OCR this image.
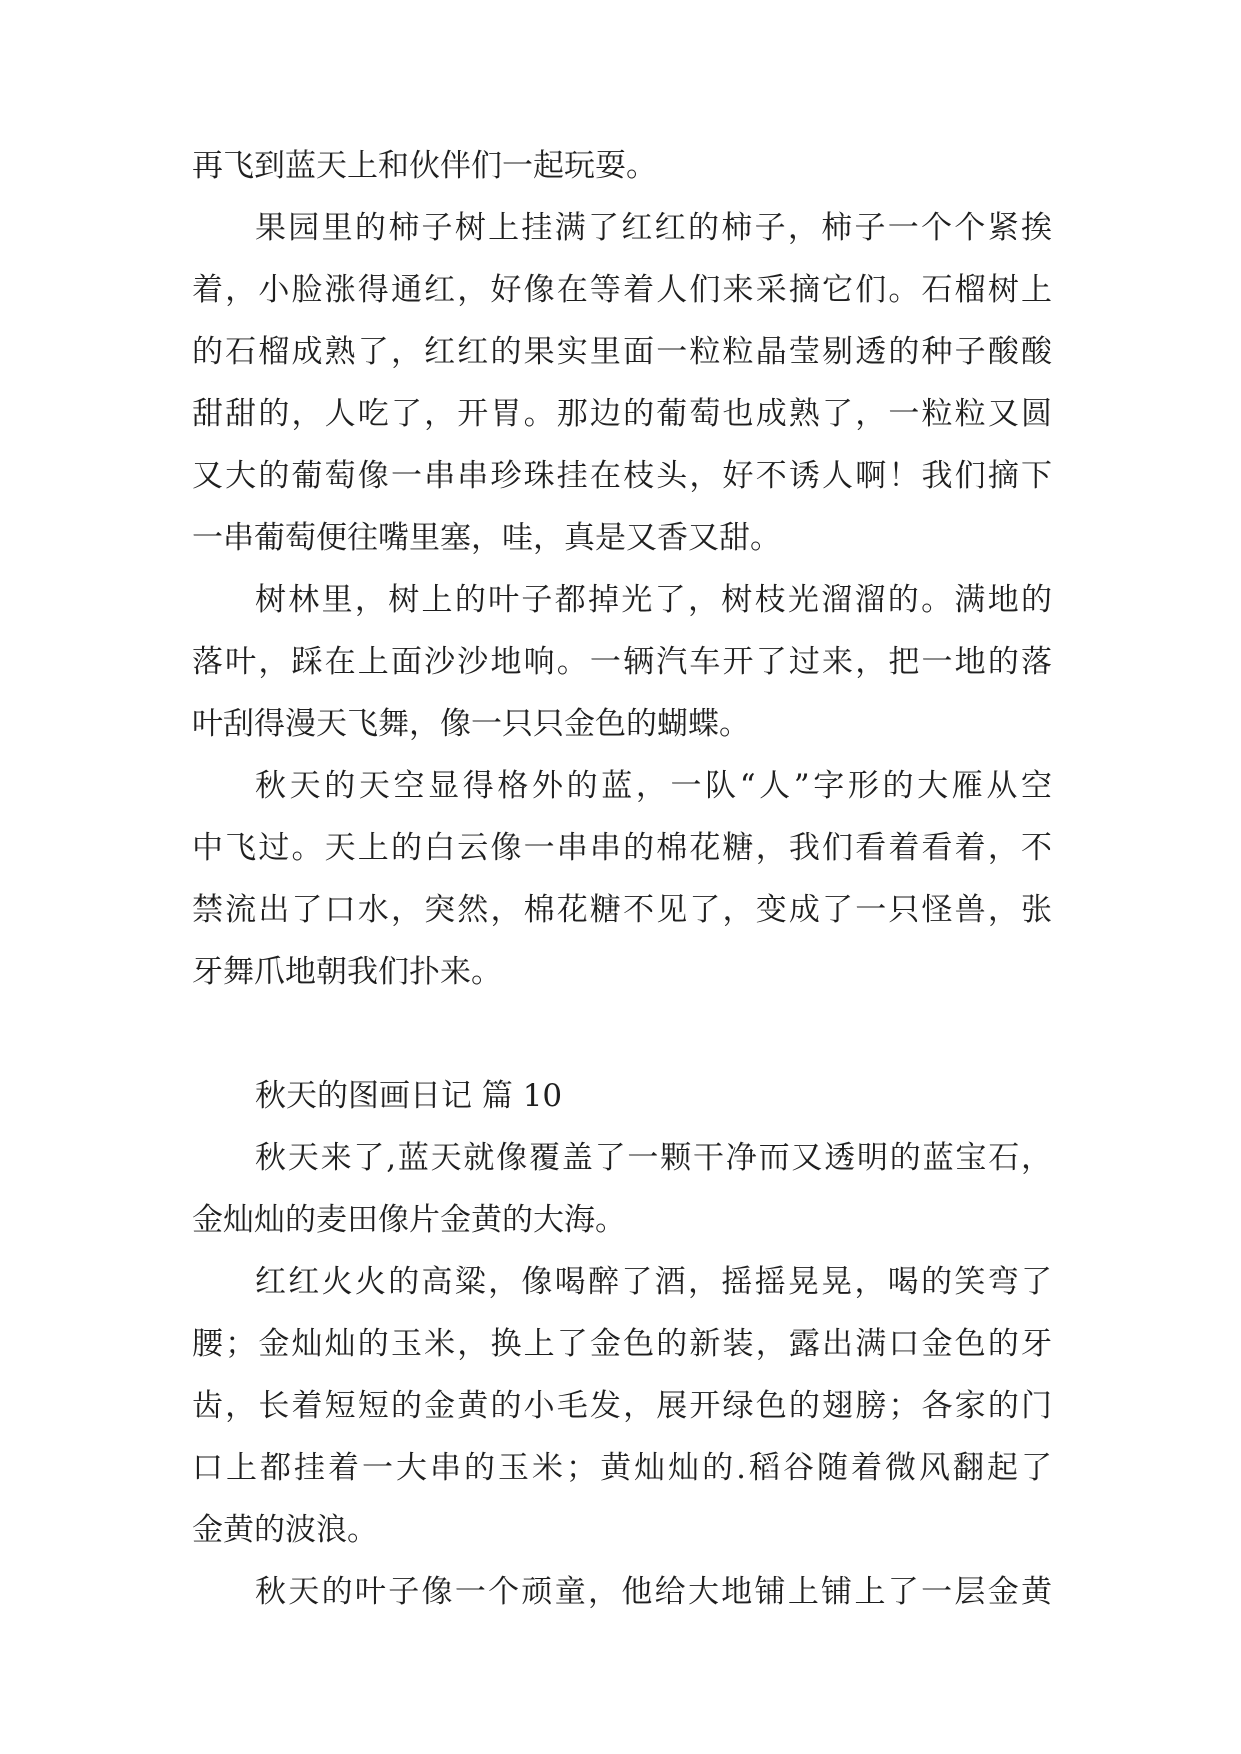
再飞到蓝天上和伙伴们一起玩耍。
果园里的柿子树上挂满了红红的柿子，柿子一个个紧挨
着，小脸涨得通红，好像在等着人们来采摘它们。石榴树上
的石榴成熟了，红红的果实里面一粒粒晶莹剔透的种子酸酸
甜甜的，人吃了，开胃。那边的葡萄也成熟了，一粒粒又圆
又大的葡萄像一串串珍珠挂在枝头，好不诱人啊！我们摘下
一串葡萄便往嘴里塞，哇，真是又香又甜。
树林里，树上的叶子都掉光了，树枝光溜溜的。满地的
落叶，踩在上面沙沙地响。一辆汽车开了过来，把一地的落
叶刮得漫天飞舞，像一只只金色的蝴蝶。
秋天的天空显得格外的蓝，一队“人”字形的大雁从空
中飞过。天上的白云像一串串的棉花糖，我们看着看着，不
禁流出了口水，突然，棉花糖不见了，变成了一只怪兽，张
牙舞爪地朝我们扑来。
秋天的图画日记 篇 10
秋天来了,蓝天就像覆盖了一颗干净而又透明的蓝宝石，
金灿灿的麦田像片金黄的大海。
红红火火的高粱，像喝醉了酒，摇摇晃晃，喝的笑弯了
腰；金灿灿的玉米，换上了金色的新装，露出满口金色的牙
齿，长着短短的金黄的小毛发，展开绿色的翅膀；各家的门
口上都挂着一大串的玉米；黄灿灿的.稻谷随着微风翻起了
金黄的波浪。
秋天的叶子像一个顽童，他给大地铺上铺上了一层金黄
